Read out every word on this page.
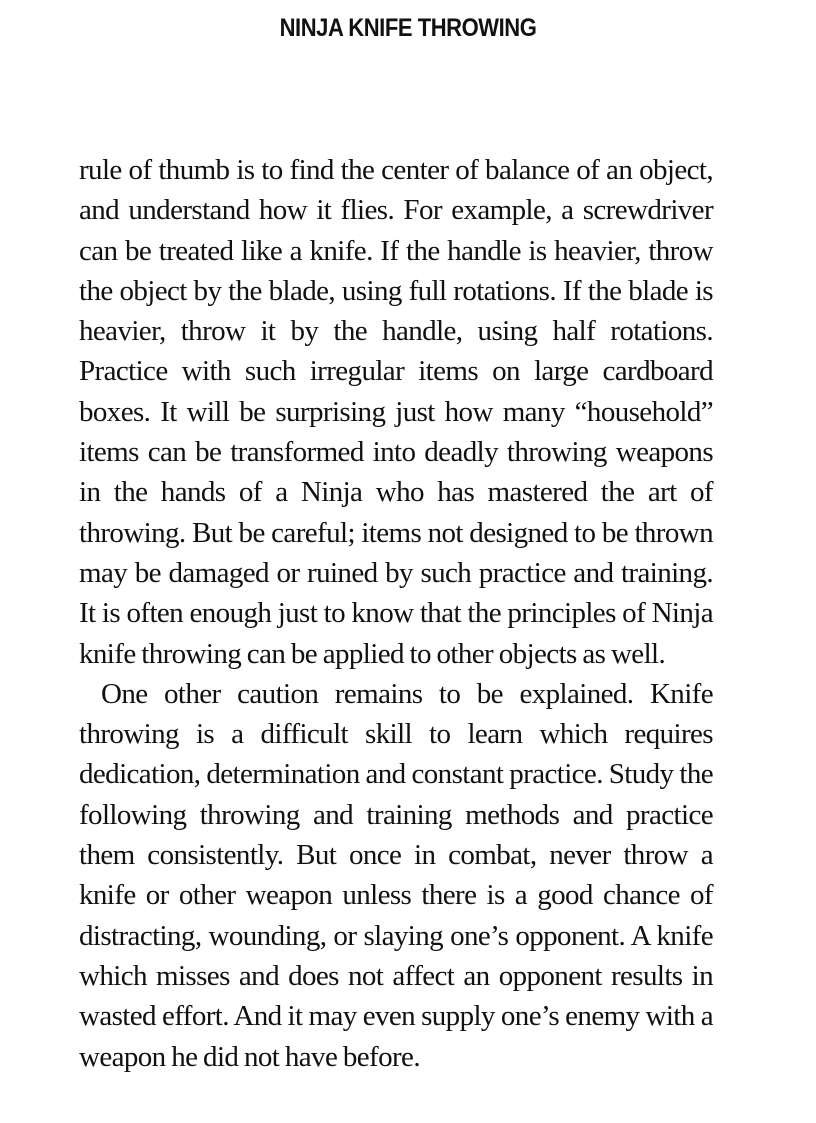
NINJA KNIFE THROWING

rule of thumb is to find the center of balance of an object, and understand how it flies. For example, a screwdriver can be treated like a knife. If the handle is heavier, throw the object by the blade, using full rotations. If the blade is heavier, throw it by the handle, using half rotations. Practice with such irregular items on large cardboard boxes. It will be surprising just how many “household” items can be transformed into deadly throwing weapons in the hands of a Ninja who has mastered the art of throwing. But be careful; items not designed to be thrown may be damaged or ruined by such practice and training. It is often enough just to know that the principles of Ninja knife throwing can be applied to other objects as well.

One other caution remains to be explained. Knife throwing is a difficult skill to learn which requires dedication, determination and constant practice. Study the following throwing and training methods and practice them consistently. But once in combat, never throw a knife or other weapon unless there is a good chance of distracting, wounding, or slaying one’s opponent. A knife which misses and does not affect an opponent results in wasted effort. And it may even supply one’s enemy with a weapon he did not have before.
